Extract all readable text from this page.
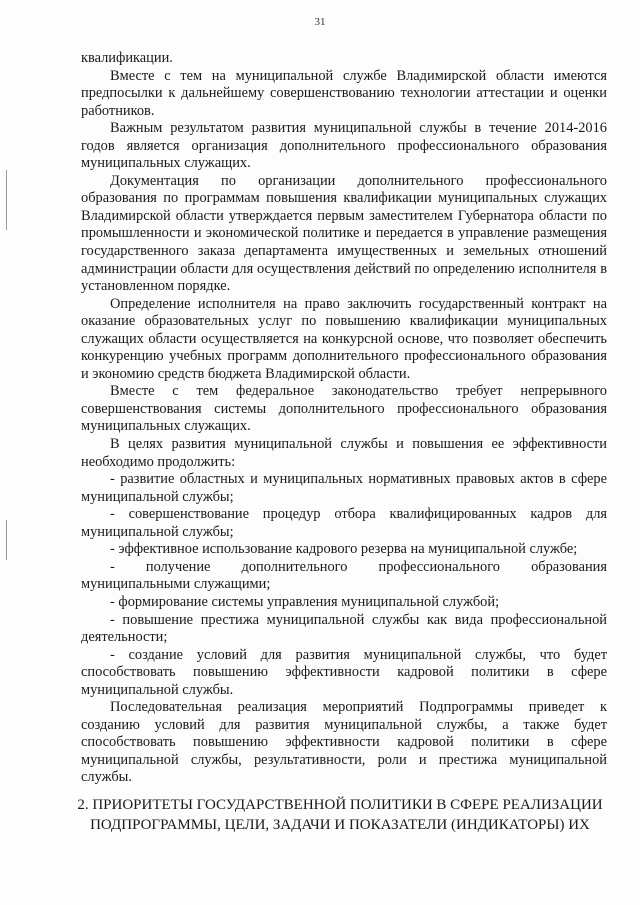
31

квалификации.

Вместе с тем на муниципальной службе Владимирской области имеются предпосылки к дальнейшему совершенствованию технологии аттестации и оценки работников.

Важным результатом развития муниципальной службы в течение 2014-2016 годов является организация дополнительного профессионального образования муниципальных служащих.

Документация по организации дополнительного профессионального образования по программам повышения квалификации муниципальных служащих Владимирской области утверждается первым заместителем Губернатора области по промышленности и экономической политике и передается в управление размещения государственного заказа департамента имущественных и земельных отношений администрации области для осуществления действий по определению исполнителя в установленном порядке.

Определение исполнителя на право заключить государственный контракт на оказание образовательных услуг по повышению квалификации муниципальных служащих области осуществляется на конкурсной основе, что позволяет обеспечить конкуренцию учебных программ дополнительного профессионального образования и экономию средств бюджета Владимирской области.

Вместе с тем федеральное законодательство требует непрерывного совершенствования системы дополнительного профессионального образования муниципальных служащих.

В целях развития муниципальной службы и повышения ее эффективности необходимо продолжить:

- развитие областных и муниципальных нормативных правовых актов в сфере муниципальной службы;

- совершенствование процедур отбора квалифицированных кадров для муниципальной службы;

- эффективное использование кадрового резерва на муниципальной службе;

- получение дополнительного профессионального образования муниципальными служащими;

- формирование системы управления муниципальной службой;

- повышение престижа муниципальной службы как вида профессиональной деятельности;

- создание условий для развития муниципальной службы, что будет способствовать повышению эффективности кадровой политики в сфере муниципальной службы.

Последовательная реализация мероприятий Подпрограммы приведет к созданию условий для развития муниципальной службы, а также будет способствовать повышению эффективности кадровой политики в сфере муниципальной службы, результативности, роли и престижа муниципальной службы.

2. ПРИОРИТЕТЫ ГОСУДАРСТВЕННОЙ ПОЛИТИКИ В СФЕРЕ РЕАЛИЗАЦИИ
ПОДПРОГРАММЫ, ЦЕЛИ, ЗАДАЧИ И ПОКАЗАТЕЛИ (ИНДИКАТОРЫ) ИХ
